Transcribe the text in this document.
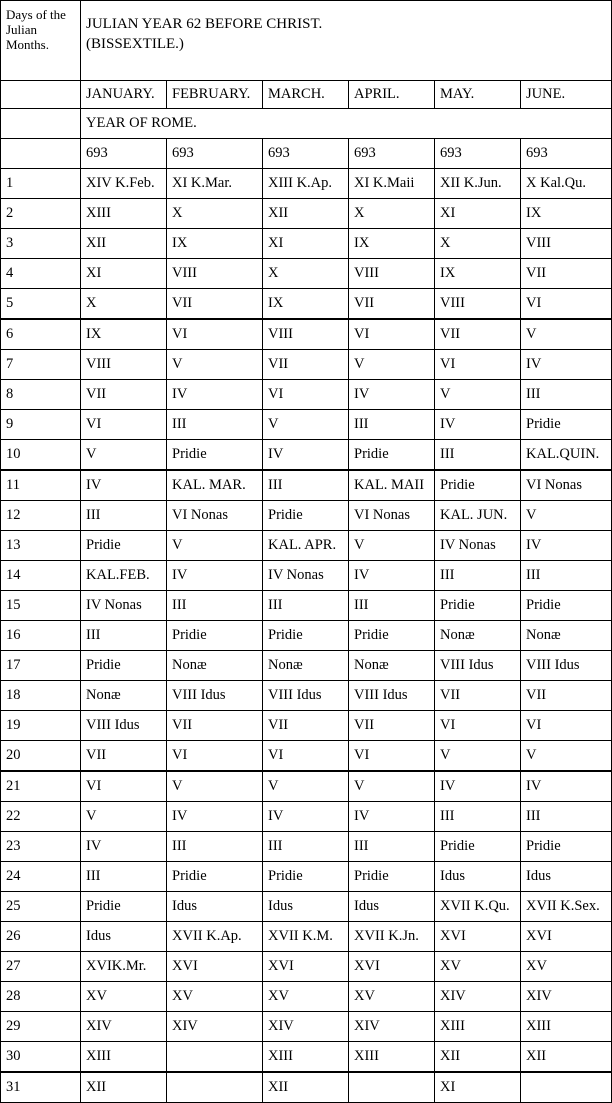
Days of the Julian Months.	JULIAN YEAR 62 BEFORE CHRIST.
(BISSEXTILE.)					

	JANUARY.	FEBRUARY.	MARCH.	APRIL.	MAY.	JUNE.
	YEAR OF ROME.					
	693	693	693	693	693	693
1	XIV K.Feb.	XI K.Mar.	XIII K.Ap.	XI K.Maii	XII K.Jun.	X Kal.Qu.
2	XIII	X	XII	X	XI	IX
3	XII	IX	XI	IX	X	VIII
4	XI	VIII	X	VIII	IX	VII
5	X	VII	IX	VII	VIII	VI
6	IX	VI	VIII	VI	VII	V
7	VIII	V	VII	V	VI	IV
8	VII	IV	VI	IV	V	III
9	VI	III	V	III	IV	Pridie
10	V	Pridie	IV	Pridie	III	KAL.QUIN.
11	IV	KAL. MAR.	III	KAL. MAII	Pridie	VI Nonas
12	III	VI Nonas	Pridie	VI Nonas	KAL. JUN.	V
13	Pridie	V	KAL. APR.	V	IV Nonas	IV
14	KAL.FEB.	IV	IV Nonas	IV	III	III
15	IV Nonas	III	III	III	Pridie	Pridie
16	III	Pridie	Pridie	Pridie	Nonæ	Nonæ
17	Pridie	Nonæ	Nonæ	Nonæ	VIII Idus	VIII Idus
18	Nonæ	VIII Idus	VIII Idus	VIII Idus	VII	VII
19	VIII Idus	VII	VII	VII	VI	VI
20	VII	VI	VI	VI	V	V
21	VI	V	V	V	IV	IV
22	V	IV	IV	IV	III	III
23	IV	III	III	III	Pridie	Pridie
24	III	Pridie	Pridie	Pridie	Idus	Idus
25	Pridie	Idus	Idus	Idus	XVII K.Qu.	XVII K.Sex.
26	Idus	XVII K.Ap.	XVII K.M.	XVII K.Jn.	XVI	XVI
27	XVIK.Mr.	XVI	XVI	XVI	XV	XV
28	XV	XV	XV	XV	XIV	XIV
29	XIV	XIV	XIV	XIV	XIII	XIII
30	XIII		XIII	XIII	XII	XII
31	XII		XII		XI	
